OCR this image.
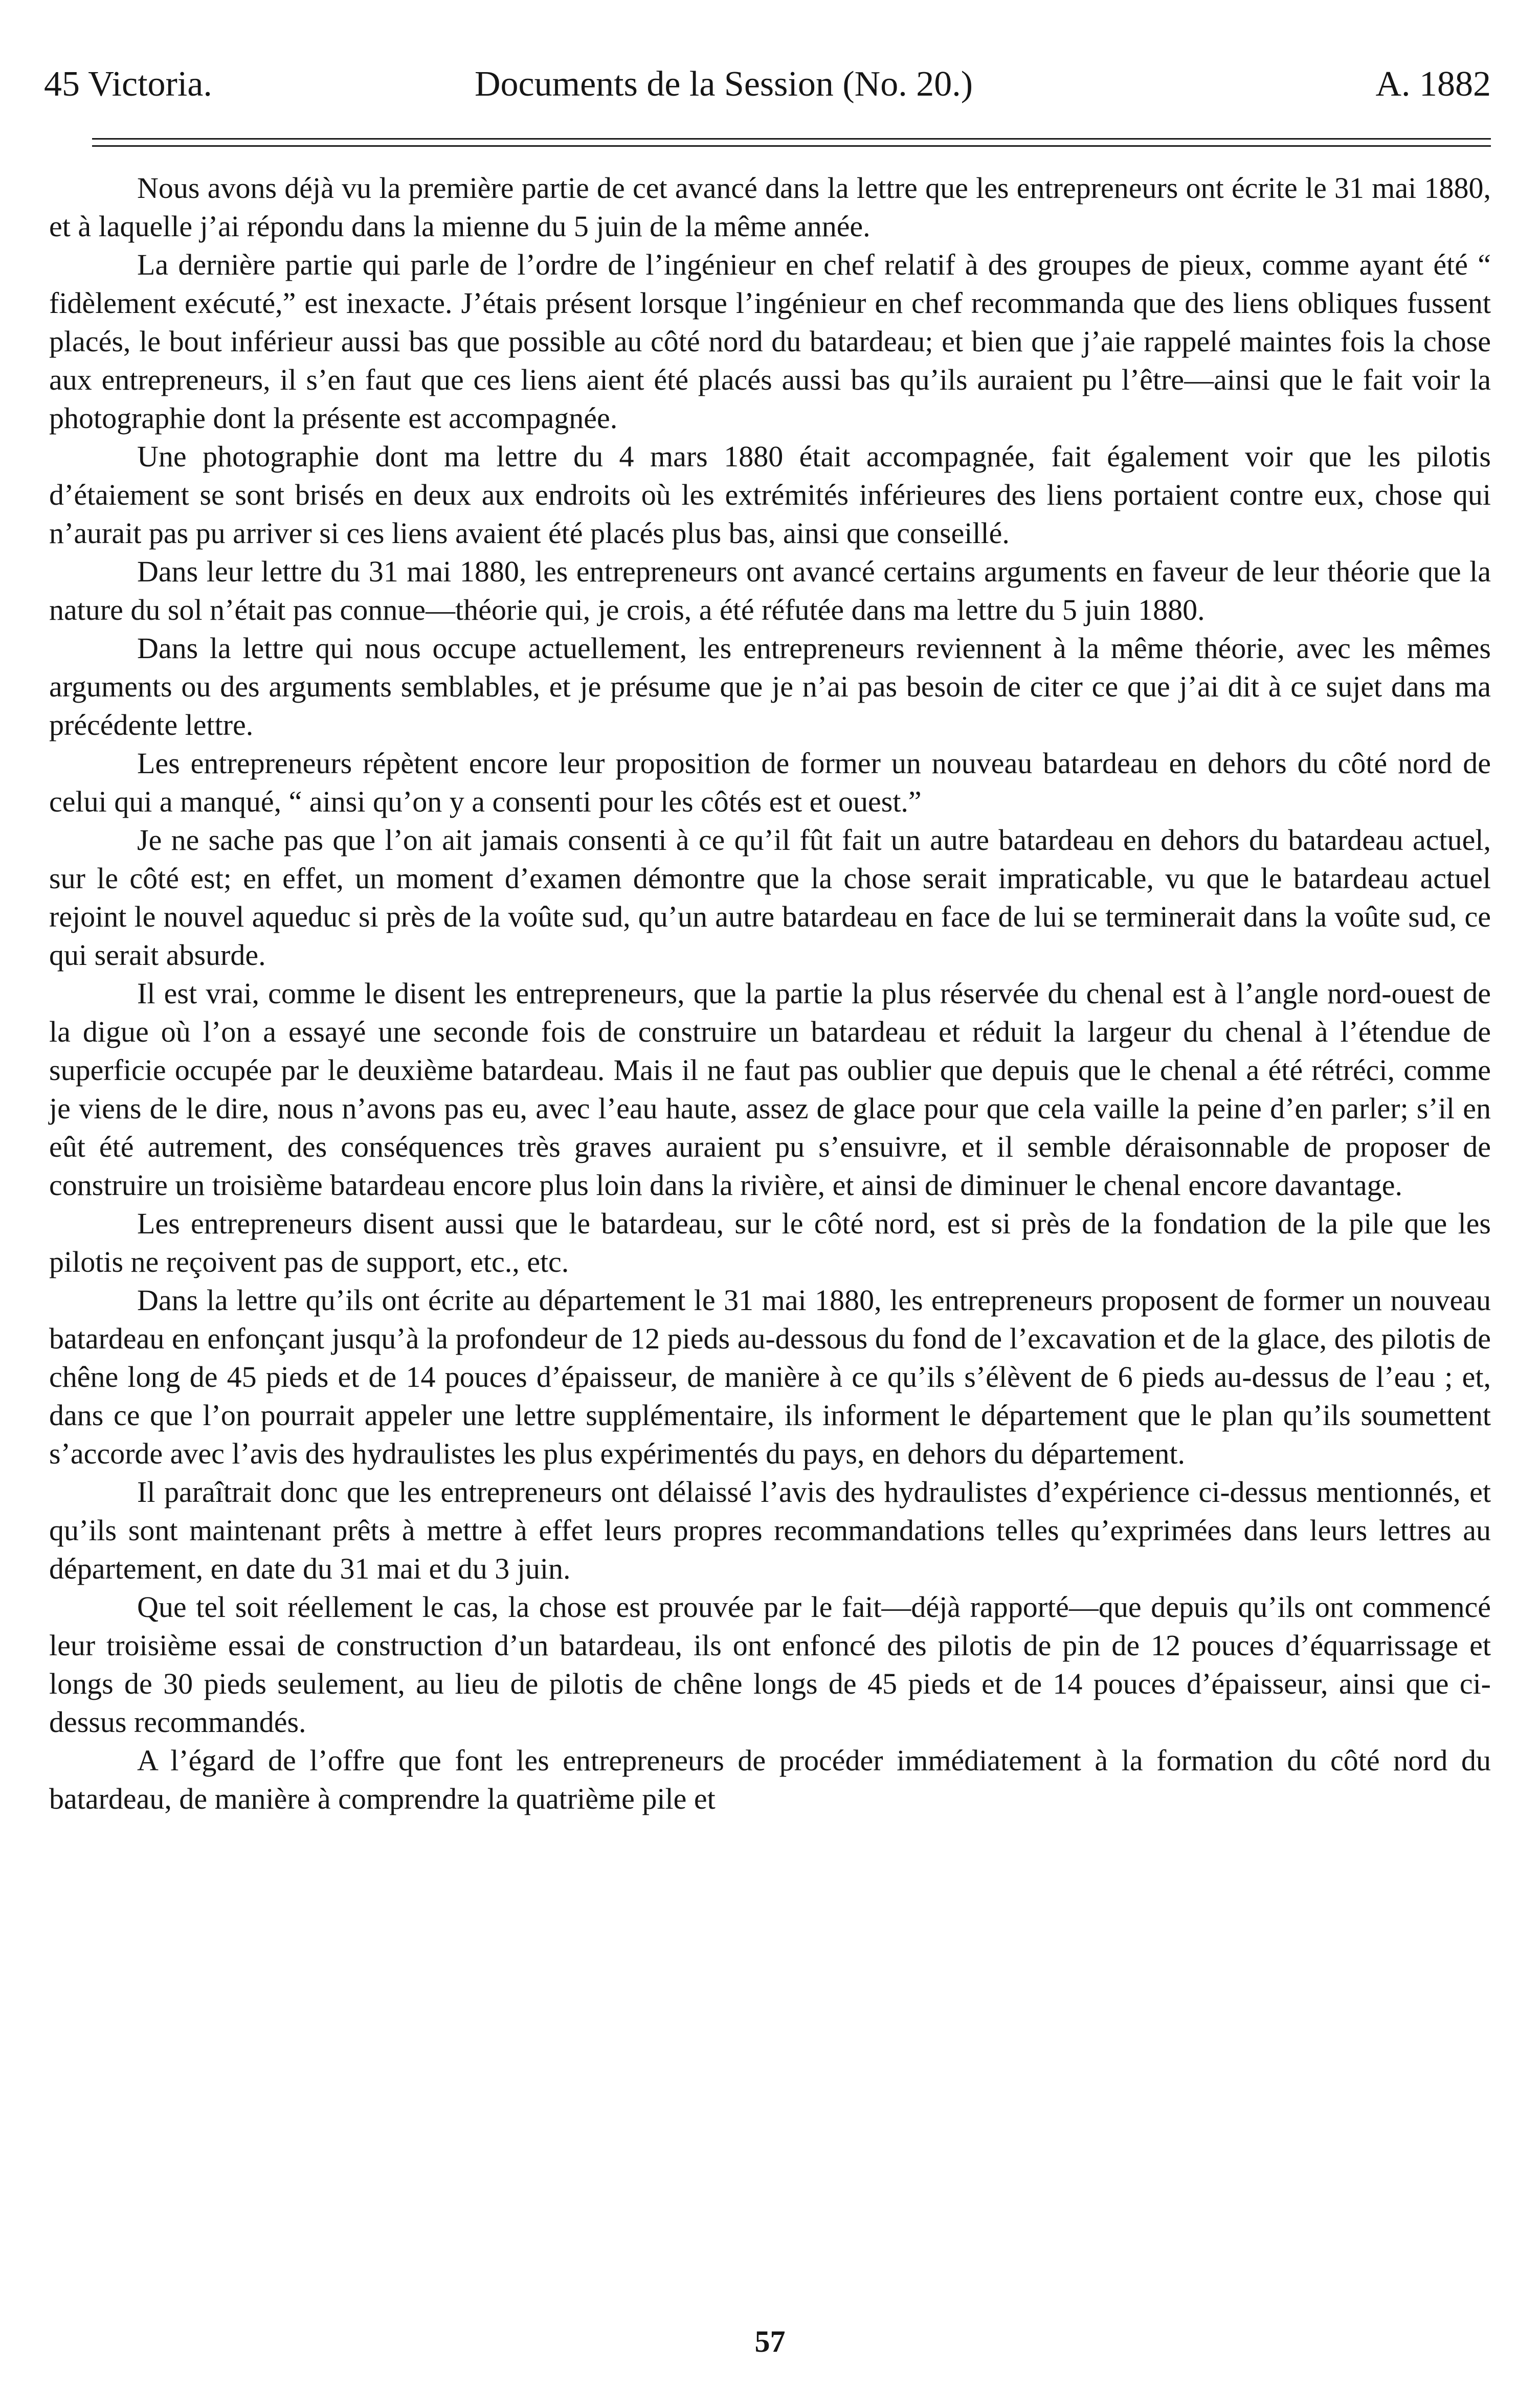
45 Victoria.	Documents de la Session (No. 20.)	A. 1882

Nous avons déjà vu la première partie de cet avancé dans la lettre que les entrepreneurs ont écrite le 31 mai 1880, et à laquelle j’ai répondu dans la mienne du 5 juin de la même année.

La dernière partie qui parle de l’ordre de l’ingénieur en chef relatif à des groupes de pieux, comme ayant été “ fidèlement exécuté,” est inexacte. J’étais présent lorsque l’ingénieur en chef recommanda que des liens obliques fussent placés, le bout inférieur aussi bas que possible au côté nord du batardeau; et bien que j’aie rappelé maintes fois la chose aux entrepreneurs, il s’en faut que ces liens aient été placés aussi bas qu’ils auraient pu l’être—ainsi que le fait voir la photographie dont la présente est accompagnée.

Une photographie dont ma lettre du 4 mars 1880 était accompagnée, fait également voir que les pilotis d’étaiement se sont brisés en deux aux endroits où les extrémités inférieures des liens portaient contre eux, chose qui n’aurait pas pu arriver si ces liens avaient été placés plus bas, ainsi que conseillé.

Dans leur lettre du 31 mai 1880, les entrepreneurs ont avancé certains arguments en faveur de leur théorie que la nature du sol n’était pas connue—théorie qui, je crois, a été réfutée dans ma lettre du 5 juin 1880.

Dans la lettre qui nous occupe actuellement, les entrepreneurs reviennent à la même théorie, avec les mêmes arguments ou des arguments semblables, et je présume que je n’ai pas besoin de citer ce que j’ai dit à ce sujet dans ma précédente lettre.

Les entrepreneurs répètent encore leur proposition de former un nouveau batardeau en dehors du côté nord de celui qui a manqué, “ ainsi qu’on y a consenti pour les côtés est et ouest.”

Je ne sache pas que l’on ait jamais consenti à ce qu’il fût fait un autre batardeau en dehors du batardeau actuel, sur le côté est; en effet, un moment d’examen démontre que la chose serait impraticable, vu que le batardeau actuel rejoint le nouvel aqueduc si près de la voûte sud, qu’un autre batardeau en face de lui se terminerait dans la voûte sud, ce qui serait absurde.

Il est vrai, comme le disent les entrepreneurs, que la partie la plus réservée du chenal est à l’angle nord-ouest de la digue où l’on a essayé une seconde fois de construire un batardeau et réduit la largeur du chenal à l’étendue de superficie occupée par le deuxième batardeau. Mais il ne faut pas oublier que depuis que le chenal a été rétréci, comme je viens de le dire, nous n’avons pas eu, avec l’eau haute, assez de glace pour que cela vaille la peine d’en parler; s’il en eût été autrement, des conséquences très graves auraient pu s’ensuivre, et il semble déraisonnable de proposer de construire un troisième batardeau encore plus loin dans la rivière, et ainsi de diminuer le chenal encore davantage.

Les entrepreneurs disent aussi que le batardeau, sur le côté nord, est si près de la fondation de la pile que les pilotis ne reçoivent pas de support, etc., etc.

Dans la lettre qu’ils ont écrite au département le 31 mai 1880, les entrepreneurs proposent de former un nouveau batardeau en enfonçant jusqu’à la profondeur de 12 pieds au-dessous du fond de l’excavation et de la glace, des pilotis de chêne long de 45 pieds et de 14 pouces d’épaisseur, de manière à ce qu’ils s’élèvent de 6 pieds au-dessus de l’eau ; et, dans ce que l’on pourrait appeler une lettre supplémentaire, ils informent le département que le plan qu’ils soumettent s’accorde avec l’avis des hydraulistes les plus expérimentés du pays, en dehors du département.

Il paraîtrait donc que les entrepreneurs ont délaissé l’avis des hydraulistes d’expérience ci-dessus mentionnés, et qu’ils sont maintenant prêts à mettre à effet leurs propres recommandations telles qu’exprimées dans leurs lettres au département, en date du 31 mai et du 3 juin.

Que tel soit réellement le cas, la chose est prouvée par le fait—déjà rapporté—que depuis qu’ils ont commencé leur troisième essai de construction d’un batardeau, ils ont enfoncé des pilotis de pin de 12 pouces d’équarrissage et longs de 30 pieds seulement, au lieu de pilotis de chêne longs de 45 pieds et de 14 pouces d’épaisseur, ainsi que ci-dessus recommandés.

A l’égard de l’offre que font les entrepreneurs de procéder immédiatement à la formation du côté nord du batardeau, de manière à comprendre la quatrième pile et

57
